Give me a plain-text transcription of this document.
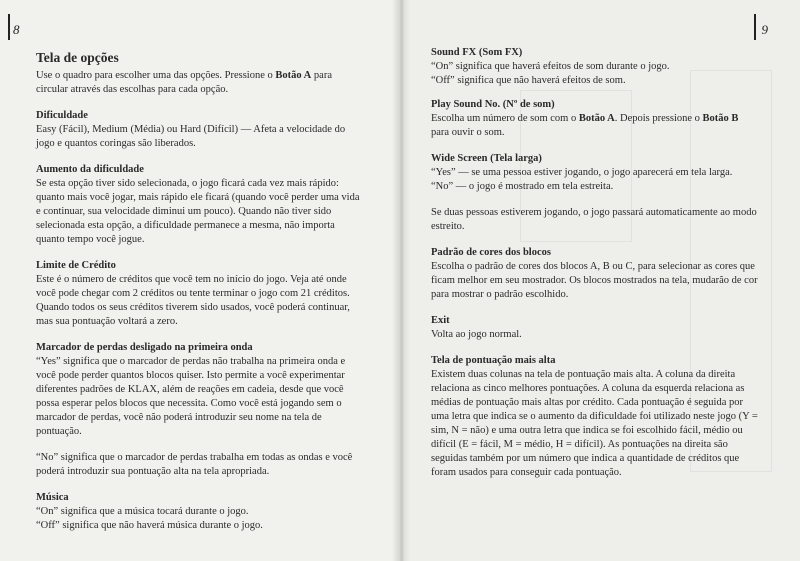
8
Tela de opções

Use o quadro para escolher uma das opções. Pressione o Botão A para circular através das escolhas para cada opção.

Dificuldade

Easy (Fácil), Medium (Média) ou Hard (Difícil) — Afeta a velocidade do jogo e quantos coringas são liberados.

Aumento da dificuldade

Se esta opção tiver sido selecionada, o jogo ficará cada vez mais rápido: quanto mais você jogar, mais rápido ele ficará (quando você perder uma vida e continuar, sua velocidade diminui um pouco). Quando não tiver sido selecionada esta opção, a dificuldade permanece a mesma, não importa quanto tempo você jogue.

Limite de Crédito

Este é o número de créditos que você tem no início do jogo. Veja até onde você pode chegar com 2 créditos ou tente terminar o jogo com 21 créditos. Quando todos os seus créditos tiverem sido usados, você poderá continuar, mas sua pontuação voltará a zero.

Marcador de perdas desligado na primeira onda

“Yes” significa que o marcador de perdas não trabalha na primeira onda e você pode perder quantos blocos quiser. Isto permite a você experimentar diferentes padrões de KLAX, além de reações em cadeia, desde que você possa esperar pelos blocos que necessita. Como você está jogando sem o marcador de perdas, você não poderá introduzir seu nome na tela de pontuação.

“No” significa que o marcador de perdas trabalha em todas as ondas e você poderá introduzir sua pontuação alta na tela apropriada.

Música

“On” significa que a música tocará durante o jogo.

“Off” significa que não haverá música durante o jogo.

9
Sound FX (Som FX)

“On” significa que haverá efeitos de som durante o jogo.

“Off” significa que não haverá efeitos de som.

Play Sound No. (Nº de som)

Escolha um número de som com o Botão A. Depois pressione o Botão B para ouvir o som.

Wide Screen (Tela larga)

“Yes” — se uma pessoa estiver jogando, o jogo aparecerá em tela larga.

“No” — o jogo é mostrado em tela estreita.

Se duas pessoas estiverem jogando, o jogo passará automaticamente ao modo estreito.

Padrão de cores dos blocos

Escolha o padrão de cores dos blocos A, B ou C, para selecionar as cores que ficam melhor em seu mostrador. Os blocos mostrados na tela, mudarão de cor para mostrar o padrão escolhido.

Exit

Volta ao jogo normal.

Tela de pontuação mais alta

Existem duas colunas na tela de pontuação mais alta. A coluna da direita relaciona as cinco melhores pontuações. A coluna da esquerda relaciona as médias de pontuação mais altas por crédito. Cada pontuação é seguida por uma letra que indica se o aumento da dificuldade foi utilizado neste jogo (Y = sim, N = não) e uma outra letra que indica se foi escolhido fácil, médio ou difícil (E = fácil, M = médio, H = difícil). As pontuações na direita são seguidas também por um número que indica a quantidade de créditos que foram usados para conseguir cada pontuação.
